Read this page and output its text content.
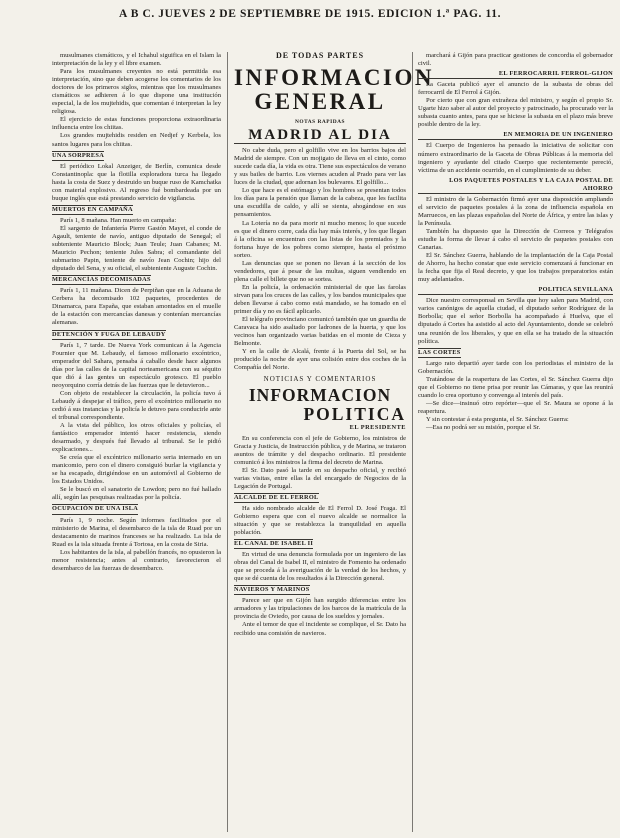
A B C. JUEVES 2 DE SEPTIEMBRE DE 1915. EDICION 1.ª PAG. 11.
musulmanes cismáticos, y el Ichahul siguifica en el Islam la interpretación de la ley y el libre examen.
Para los musulmanes creyentes no está permitida esa interpretación, sino que deben acogerse los comentarios de los doctores de los primeros siglos, mientras que los musulmanes cismáticos se adhieren á lo que dispone una institución especial, la de los mujtehidis, que comentan é interpretan la ley religiosa.
El ejercicio de estas funciones proporciona extraordinaria influencia entre los chiitas.
Los grandes mujtehidis residen en Nedjef y Kerbela, los santos lugares para los chiitas.
UNA SORPRESA
El periódico Lokal Anzeiger, de Berlín, comunica desde Constantinopla: que la flotilla exploradora turca ha llegado hasta la costa de Suez y destruido un buque ruso de Kamchatka con material explosivo. Al regreso fué bombardeada por un buque inglés que está prestando servicio de vigilancia.
MUERTOS EN CAMPAÑA
París 1, 8 mañana. Han muerto en campaña:
El sargento de Infantería Pierre Gastón Mayet, el conde de Agault, teniente de navío, antiguo diputado de Senegal; el subteniente Mauricio Block; Juan Teule; Juan Cabanes; M. Mauricio Pechon; teniente Jules Sabra; el comandante del submarino Papin, teniente de navío Jean Cochin; hijo del diputado del Sena, y su oficial, el subteniente Auguste Cochin.
MERCANCÍAS DECOMISADAS
París 1, 11 mañana. Dicen de Perpiñan que en la Aduana de Cerbera ha decomisado 102 paquetes, procedentes de Dinamarca, para España, que estaban amontados en el muelle de la estación con mercancías danesas y contenían mercancías alemanas.
DETENCIÓN Y FUGA DE LEBAUDY
París 1, 7 tarde. De Nueva York comunican á la Agencia Fournier que M. Lebaudy, el famoso millonario excéntrico, emperador del Sahara, pensaba á caballo desde hace algunos días por las calles de la capital norteamericana con su séquito que dió á las gentes un espectáculo grotesco. El pueblo neoyorquino corría detrás de las fuerzas que le detuvieron...
Con objeto de restablecer la circulación, la policía tuvo á Lebaudy á despejar el tráfico, pero el excéntrico millonario no cedió á sus instancias y la policía le detuvo para conducirle ante el tribunal correspondiente.
A la vista del público, los otros oficiales y policías, el fantástico emperador intentó hacer resistencia, siendo desarmado, y después fué llevado al tribunal. Se le pidió explicaciones...
Se creía que el excéntrico millonario seria internado en un manicomio, pero con el dinero consiguió burlar la vigilancia y se ha escapado, dirigiéndose en un automóvil al Gobierno de los Estados Unidos.
Se le buscó en el sanatorio de Lowdon; pero no fué hallado allí, según las pesquisas realizadas por la policía.
OCUPACIÓN DE UNA ISLA
París 1, 9 noche. Según informes facilitados por el ministerio de Marina, el desembarco de la isla de Ruad por un destacamento de marinos franceses se ha realizado. La isla de Ruad es la isla situada frente á Tortosa, en la costa de Siria.
Los habitantes de la isla, al pabellón francés, no opusieron la menor resistencia; antes al contrario, favorecieron el desembarco de las fuerzas de desembarco.
DE TODAS PARTES
INFORMACION GENERAL
NOTAS RAPIDAS
MADRID AL DIA
No cabe duda, pero el golfillo vive en los barrios bajos del Madrid de siempre. Con un mojigato de lleva en el cinto, como sucede cada día, la vida es otra. Tiene sus espectáculos de verano y sus bailes de barrio. Los viernes acuden al Prado para ver las luces de la ciudad, que adornan los bulevares. El golfillo...
Lo que hace es el estómago y los hombres se presentan todos los días para la pensión que llaman de la cabeza, que les facilita una escudilla de caldo, y allí se sienta, ahogándose en sus pensamientos.
La Lotería no da para morir ni mucho menos; lo que sucede es que el dinero corre, cada día hay más interés, y los que llegan á la oficina se encuentran con las listas de los premiados y la fortuna huye de los pobres como siempre, hasta el próximo sorteo.
Las denuncias que se ponen no llevan á la sección de los vendedores, que á pesar de las multas, siguen vendiendo en plena calle el billete que no se sortea.
En la policía, la ordenación ministerial de que las farolas sirvan para los cruces de las calles, y los bandos municipales que deben llevarse á cabo como está mandado, se ha tomado en el primer día y no es fácil aplicarlo.
El telégrafo provinciano comunicó también que un guardia de Caravaca ha sido asaltado por ladrones de la huerta, y que los vecinos han organizado varias batidas en el monte de Cieza y Belmonte.
Y en la calle de Alcalá, frente á la Puerta del Sol, se ha producido la noche de ayer una colisión entre dos coches de la Compañía del Norte.
NOTICIAS Y COMENTARIOS
INFORMACION
POLITICA
EL PRESIDENTE
En su conferencia con el jefe de Gobierno, los ministros de Gracia y Justicia, de Instrucción pública, y de Marina, se trataron asuntos de trámite y del despacho ordinario. El presidente comunicó á los ministros la firma del decreto de Marina.
El Sr. Dato pasó la tarde en su despacho oficial, y recibió varias visitas, entre ellas la del encargado de Negocios de la Legación de Portugal.
ALCALDE DE EL FERROL
Ha sido nombrado alcalde de El Ferrol D. José Fraga. El Gobierno espera que con el nuevo alcalde se normalice la situación y que se restablezca la tranquilidad en aquella población.
EL CANAL DE ISABEL II
En virtud de una denuncia formulada por un ingeniero de las obras del Canal de Isabel II, el ministro de Fomento ha ordenado que se proceda á la averiguación de la verdad de los hechos, y que se dé cuenta de los resultados á la Dirección general.
NAVIEROS Y MARINOS
Parece ser que en Gijón han surgido diferencias entre los armadores y las tripulaciones de los barcos de la matrícula de la provincia de Oviedo, por causa de los sueldos y jornales.
Ante el temor de que el incidente se complique, el Sr. Dato ha recibido una comisión de navieros.
marchará á Gijón para practicar gestiones de concordia el gobernador civil.
EL FERROCARRIL FERROL-GIJON
La Gaceta publicó ayer el anuncio de la subasta de obras del ferrocarril de El Ferrol á Gijón.
Por cierto que con gran extrañeza del ministro, y según el propio Sr. Ugarte hizo saber al autor del proyecto y patrocinado, ha procurado ver la subasta cuanto antes, para que se hiciese la subasta en el plazo más breve posible dentro de la ley.
EN MEMORIA DE UN INGENIERO
El Cuerpo de Ingenieros ha pensado la iniciativa de solicitar con número extraordinario de la Gaceta de Obras Públicas á la memoria del ingeniero y ayudante del citado Cuerpo que recientemente pereció, víctima de un accidente ocurrido, en el cumplimiento de su deber.
LOS PAQUETES POSTALES Y LA CAJA POSTAL DE AHORRO
El ministro de la Gobernación firmó ayer una disposición ampliando el servicio de paquetes postales á la zona de influencia española en Marruecos, en las plazas españolas del Norte de África, y entre las islas y la Península.
También ha dispuesto que la Dirección de Correos y Telégrafos estudie la forma de llevar á cabo el servicio de paquetes postales con Canarias.
El Sr. Sánchez Guerra, hablando de la implantación de la Caja Postal de Ahorro, ha hecho constar que este servicio comenzará á funcionar en la fecha que fija el Real decreto, y que los trabajos preparatorios están muy adelantados.
POLITICA SEVILLANA
Dice nuestro corresponsal en Sevilla que hoy salen para Madrid, con varios canónigos de aquella ciudad, el diputado señor Rodríguez de la Borbolla; que el señor Borbolla ha acompañado á Huelva, que el diputado á Cortes ha asistido al acto del Ayuntamiento, donde se celebró una reunión de los liberales, y que en ella se ha tratado de la situación política.
LAS CORTES
Largo rato departió ayer tarde con los periodistas el ministro de la Gobernación.
Tratándose de la reapertura de las Cortes, el Sr. Sánchez Guerra dijo que el Gobierno no tiene prisa por reunir las Cámaras, y que las reunirá cuando lo crea oportuno y convenga al interés del país.
—Se dice—insinuó otro repórter—que el Sr. Maura se opone á la reapertura.
Y sin contestar á esta pregunta, el Sr. Sánchez Guerra:
—Esa no podrá ser su misión, porque el Sr.
